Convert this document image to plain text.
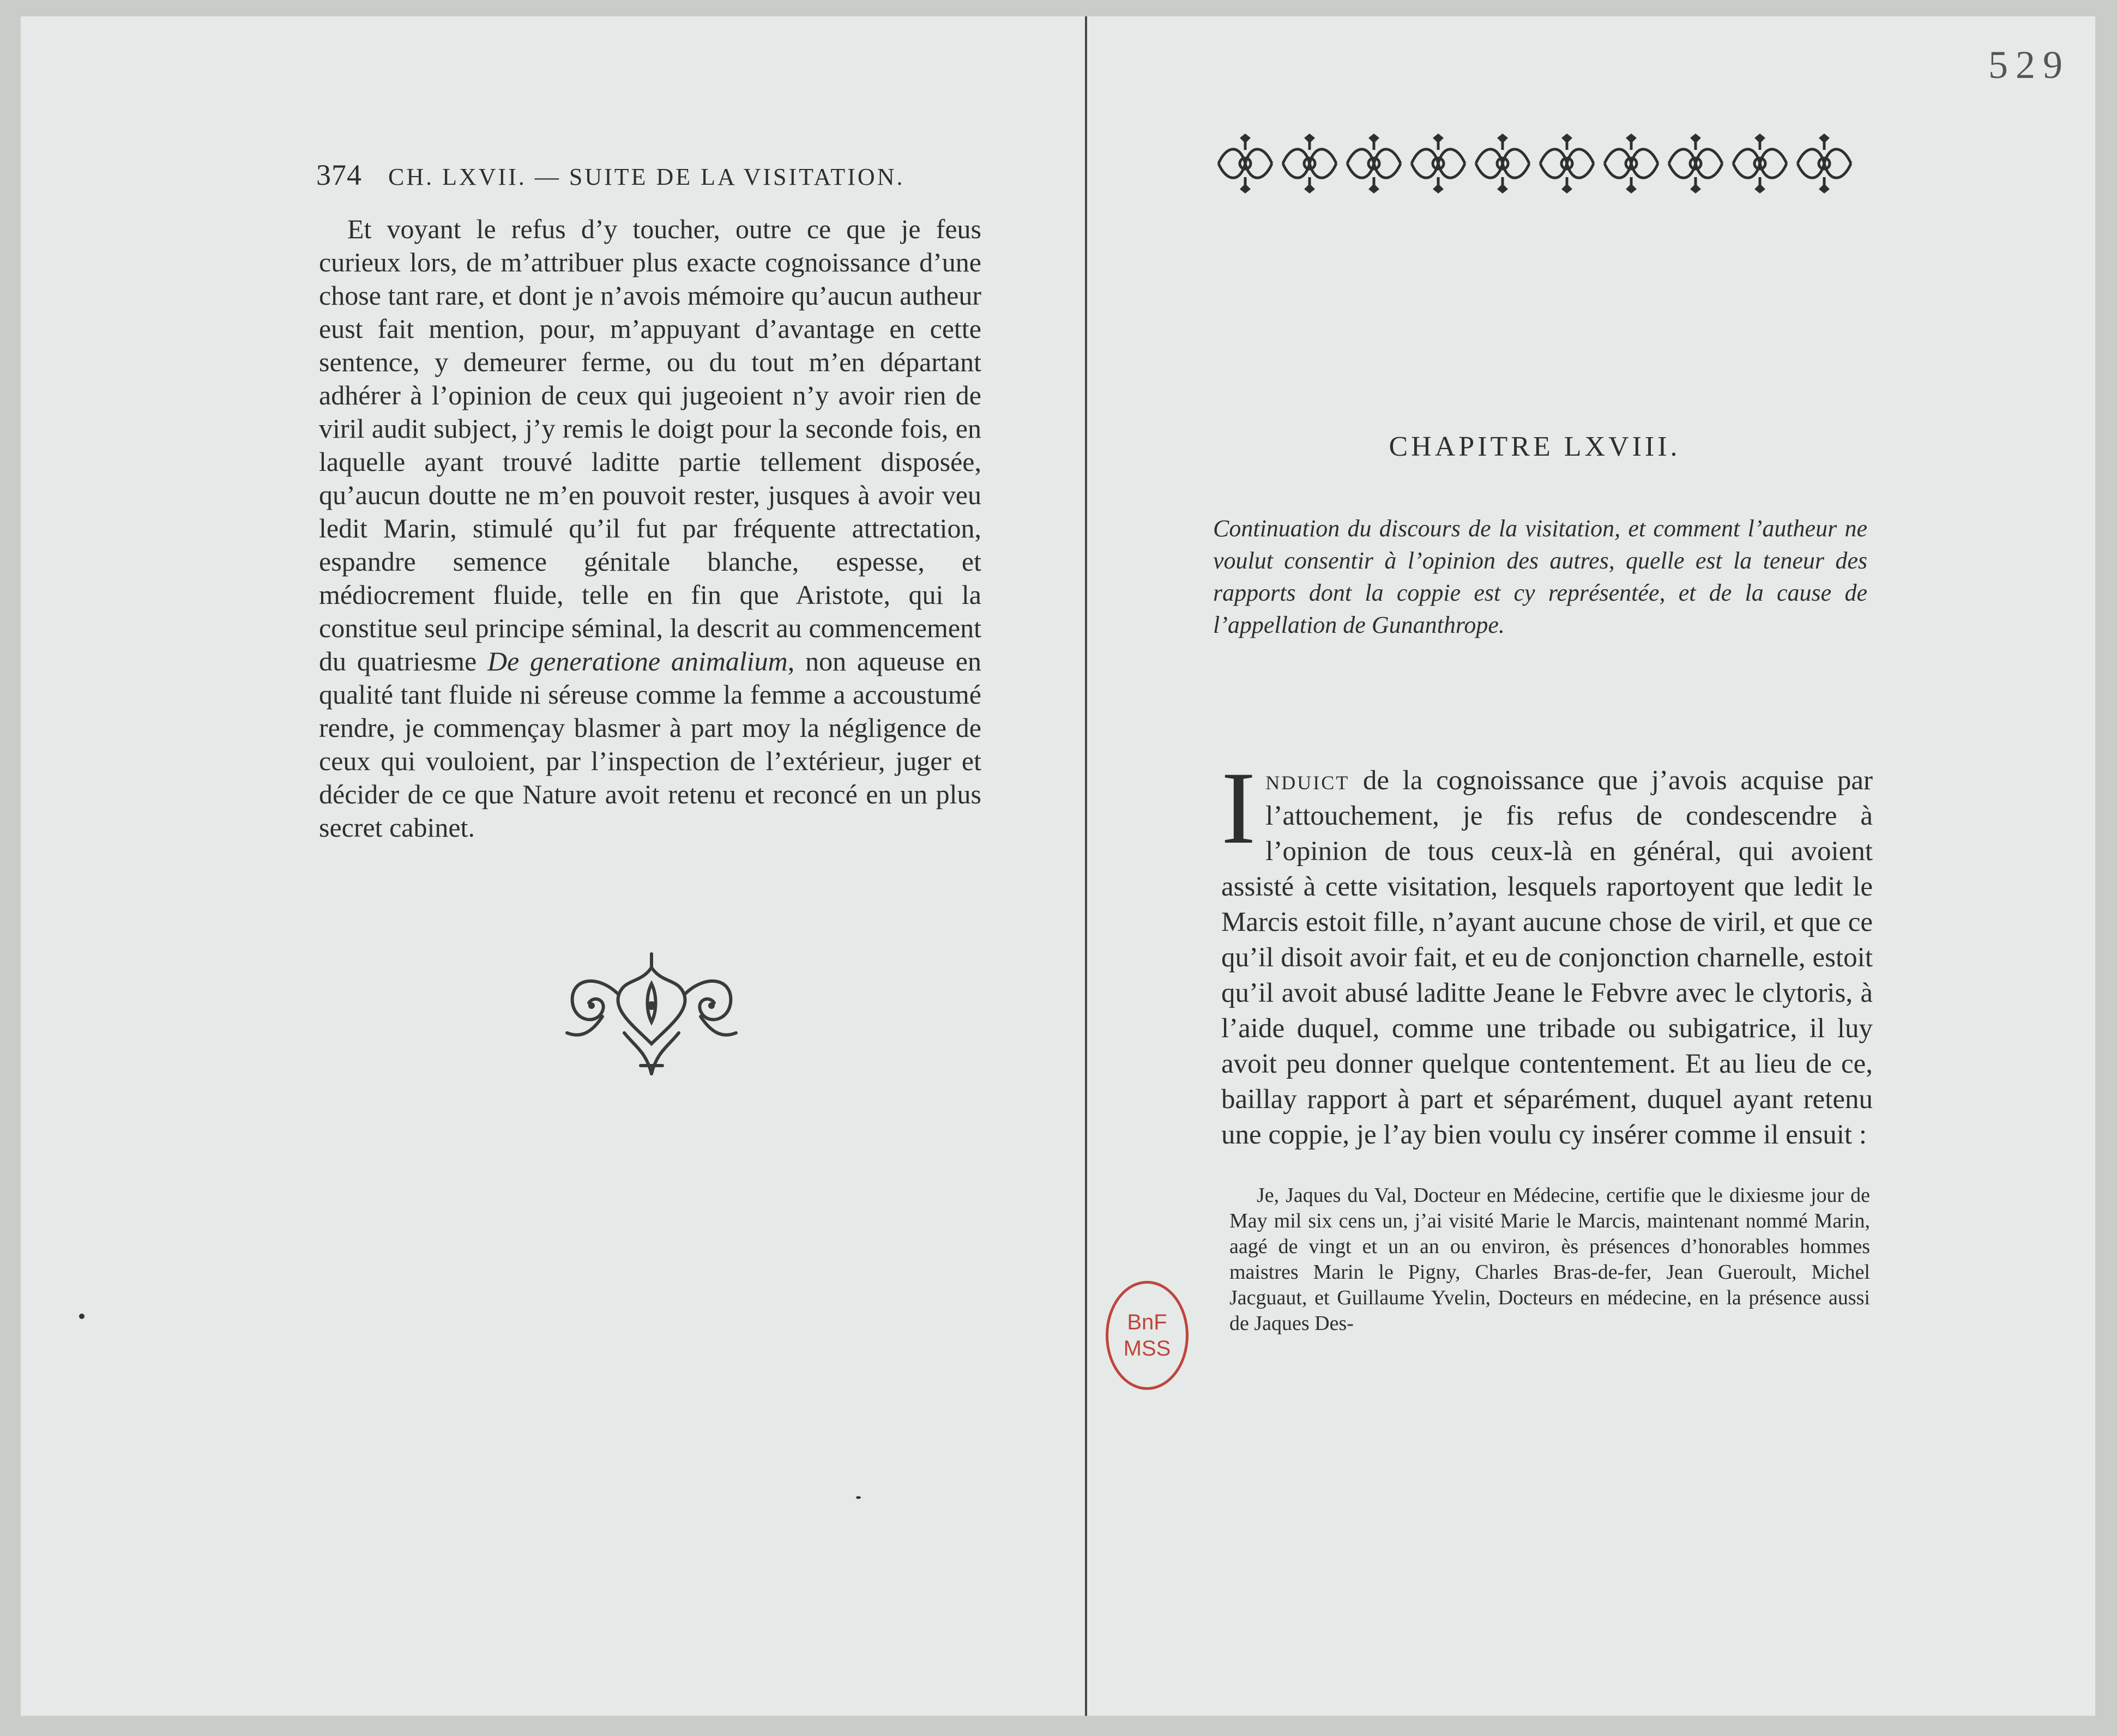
529
374 CH. LXVII. — SUITE DE LA VISITATION.
Et voyant le refus d’y toucher, outre ce que je feus curieux lors, de m’attribuer plus exacte cognoissance d’une chose tant rare, et dont je n’avois mémoire qu’aucun autheur eust fait mention, pour, m’appuyant d’avantage en cette sentence, y demeurer ferme, ou du tout m’en départant adhérer à l’opinion de ceux qui jugeoient n’y avoir rien de viril audit subject, j’y remis le doigt pour la seconde fois, en laquelle ayant trouvé laditte partie tellement disposée, qu’aucun doutte ne m’en pouvoit rester, jusques à avoir veu ledit Marin, stimulé qu’il fut par fréquente attrectation, espandre semence génitale blanche, espesse, et médiocrement fluide, telle en fin que Aristote, qui la constitue seul principe séminal, la descrit au commencement du quatriesme De generatione animalium, non aqueuse en qualité tant fluide ni séreuse comme la femme a accoustumé rendre, je commençay blasmer à part moy la négligence de ceux qui vouloient, par l’inspection de l’extérieur, juger et décider de ce que Nature avoit retenu et reconcé en un plus secret cabinet.
CHAPITRE LXVIII.
Continuation du discours de la visitation, et comment l’autheur ne voulut consentir à l’opinion des autres, quelle est la teneur des rapports dont la coppie est cy représentée, et de la cause de l’appellation de Gunanthrope.
Induict de la cognoissance que j’avois acquise par l’attouchement, je fis refus de condescendre à l’opinion de tous ceux-là en général, qui avoient assisté à cette visitation, lesquels raportoyent que ledit le Marcis estoit fille, n’ayant aucune chose de viril, et que ce qu’il disoit avoir fait, et eu de conjonction charnelle, estoit qu’il avoit abusé laditte Jeane le Febvre avec le clytoris, à l’aide duquel, comme une tribade ou subigatrice, il luy avoit peu donner quelque contentement. Et au lieu de ce, baillay rapport à part et séparément, duquel ayant retenu une coppie, je l’ay bien voulu cy insérer comme il ensuit :
Je, Jaques du Val, Docteur en Médecine, certifie que le dixiesme jour de May mil six cens un, j’ai visité Marie le Marcis, maintenant nommé Marin, aagé de vingt et un an ou environ, ès présences d’honorables hommes maistres Marin le Pigny, Charles Bras-de-fer, Jean Gueroult, Michel Jacguaut, et Guillaume Yvelin, Docteurs en médecine, en la présence aussi de Jaques Des-
BnF
MSS
